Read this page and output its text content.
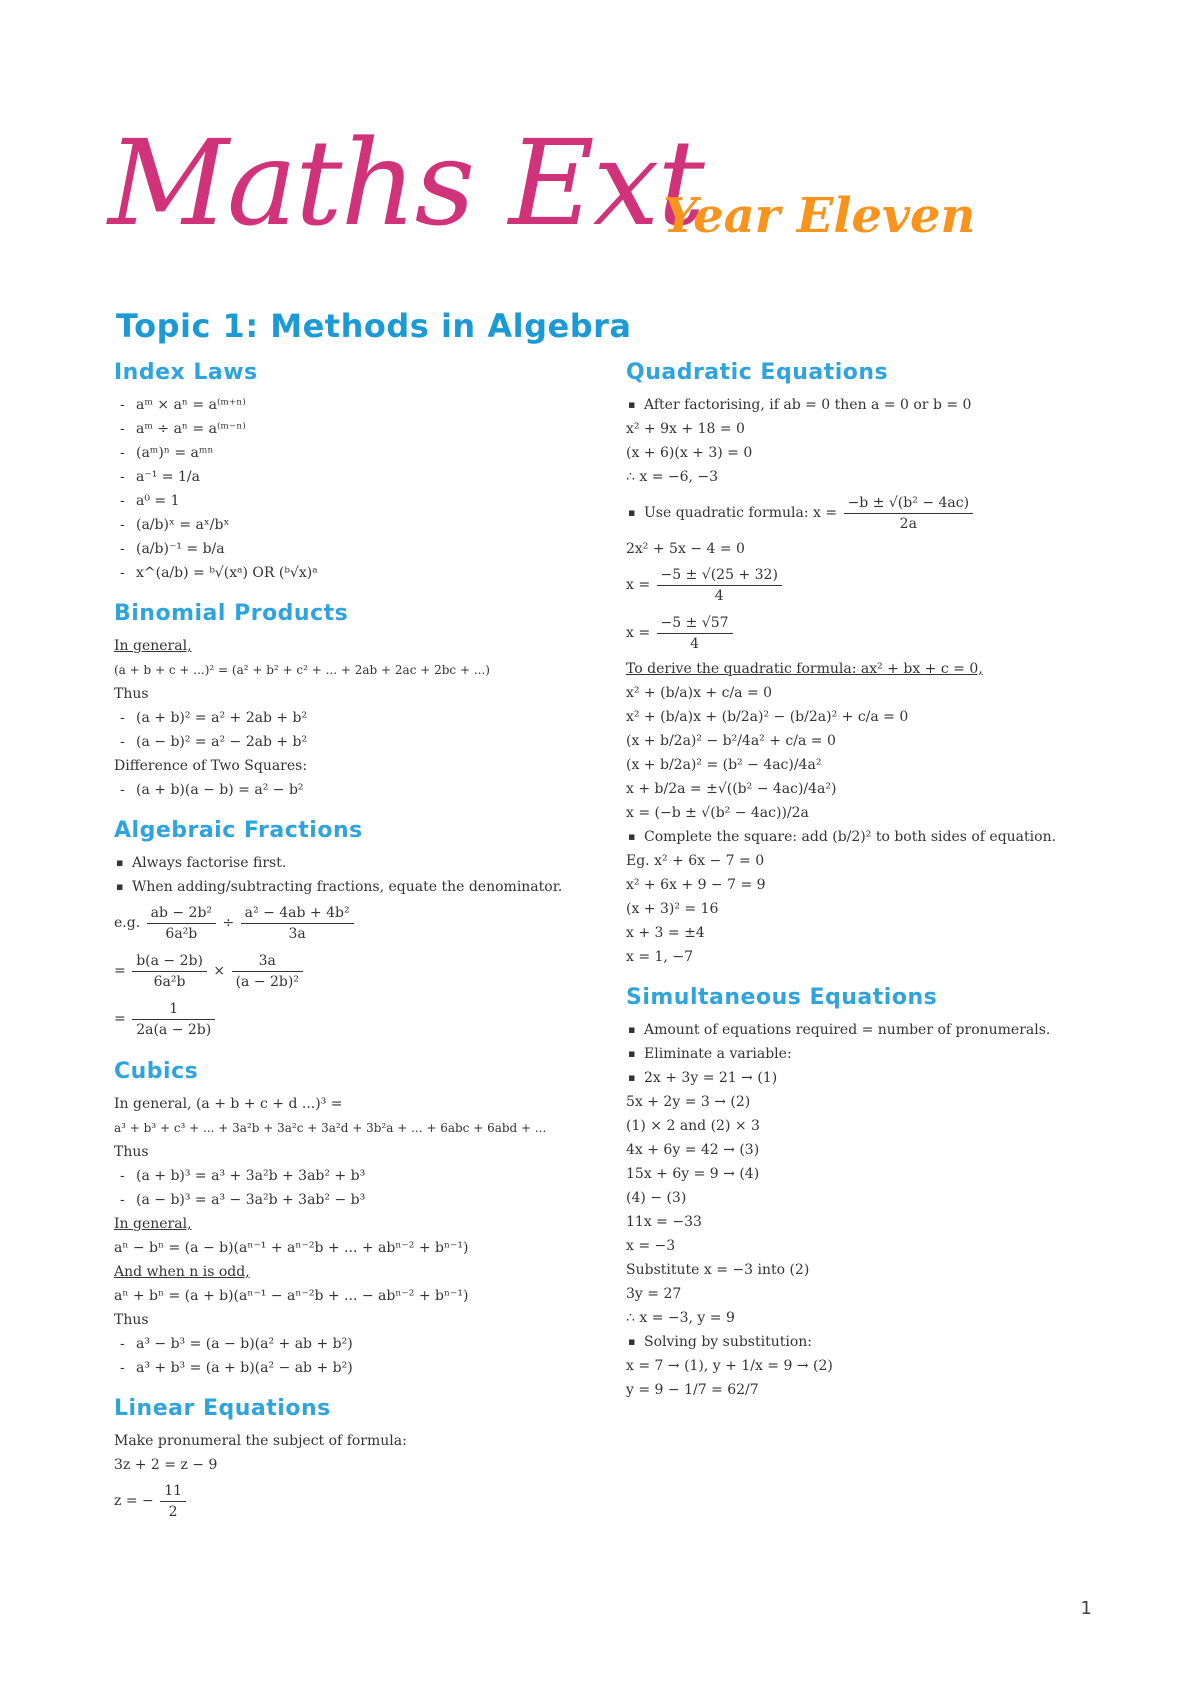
Maths Ext
Year Eleven
Topic 1: Methods in Algebra
Index Laws
- aᵐ × aⁿ = a⁽ᵐ⁺ⁿ⁾
- aᵐ ÷ aⁿ = a⁽ᵐ⁻ⁿ⁾
- (aᵐ)ⁿ = aᵐⁿ
- a⁻¹ = 1/a
- a⁰ = 1
- (a/b)ˣ = aˣ/bˣ
- (a/b)⁻¹ = b/a
- x^(a/b) = ᵇ√(xᵃ) OR (ᵇ√x)ᵃ
Binomial Products
In general,
(a + b + c + ...)² = (a² + b² + c² + ... + 2ab + 2ac + 2bc + ...)
Thus
- (a + b)² = a² + 2ab + b²
- (a − b)² = a² − 2ab + b²
Difference of Two Squares:
- (a + b)(a − b) = a² − b²
Algebraic Fractions
▪ Always factorise first.
▪ When adding/subtracting fractions, equate the denominator.
e.g. $\frac{\text{ab − 2b²}}{\text{6a²b}} \div \frac{\text{a² − 4ab + 4b²}}{3a}$
= $\frac{b(a - 2b)}{\text{6a²b}} \times \frac{3a}{\text{(a − 2b)²}}$
= $\frac{1}{2a(a - 2b)}$
Cubics
In general, (a + b + c + d ...)³ =
a³ + b³ + c³ + ... + 3a²b + 3a²c + 3a²d + 3b²a + ... + 6abc + 6abd + ...
Thus
- (a + b)³ = a³ + 3a²b + 3ab² + b³
- (a − b)³ = a³ − 3a²b + 3ab² − b³
In general,
aⁿ − bⁿ = (a − b)(aⁿ⁻¹ + aⁿ⁻²b + ... + abⁿ⁻² + bⁿ⁻¹)
And when n is odd,
aⁿ + bⁿ = (a + b)(aⁿ⁻¹ − aⁿ⁻²b + ... − abⁿ⁻² + bⁿ⁻¹)
Thus
- a³ − b³ = (a − b)(a² + ab + b²)
- a³ + b³ = (a + b)(a² − ab + b²)
Linear Equations
Make pronumeral the subject of formula:
3z + 2 = z − 9
z = − $\frac{11}{2}$
Quadratic Equations
▪ After factorising, if ab = 0 then a = 0 or b = 0
x² + 9x + 18 = 0
(x + 6)(x + 3) = 0
∴ x = −6, −3
▪ Use quadratic formula: $x = \frac{\text{−b ± √(b² − 4ac)}}{2a}$
2x² + 5x − 4 = 0
$x = \frac{-5 \pm √(25 + 32)}{4}$
$x = \frac{-5 \pm √57}{4}$
To derive the quadratic formula: ax² + bx + c = 0,
x² + (b/a)x + c/a = 0
x² + (b/a)x + (b/2a)² − (b/2a)² + c/a = 0
(x + b/2a)² − b²/4a² + c/a = 0
(x + b/2a)² = (b² − 4ac)/4a²
x + b/2a = ±√((b² − 4ac)/4a²)
x = (−b ± √(b² − 4ac))/2a
▪ Complete the square: add (b/2)² to both sides of equation.
Eg. x² + 6x − 7 = 0
x² + 6x + 9 − 7 = 9
(x + 3)² = 16
x + 3 = ±4
x = 1, −7
Simultaneous Equations
▪ Amount of equations required = number of pronumerals.
▪ Eliminate a variable:
▪ 2x + 3y = 21 → (1)
5x + 2y = 3 → (2)
(1) × 2 and (2) × 3
4x + 6y = 42 → (3)
15x + 6y = 9 → (4)
(4) − (3)
11x = −33
x = −3
Substitute x = −3 into (2)
3y = 27
∴ x = −3, y = 9
▪ Solving by substitution:
x = 7 → (1), y + 1/x = 9 → (2)
y = 9 − 1/7 = 62/7
1
